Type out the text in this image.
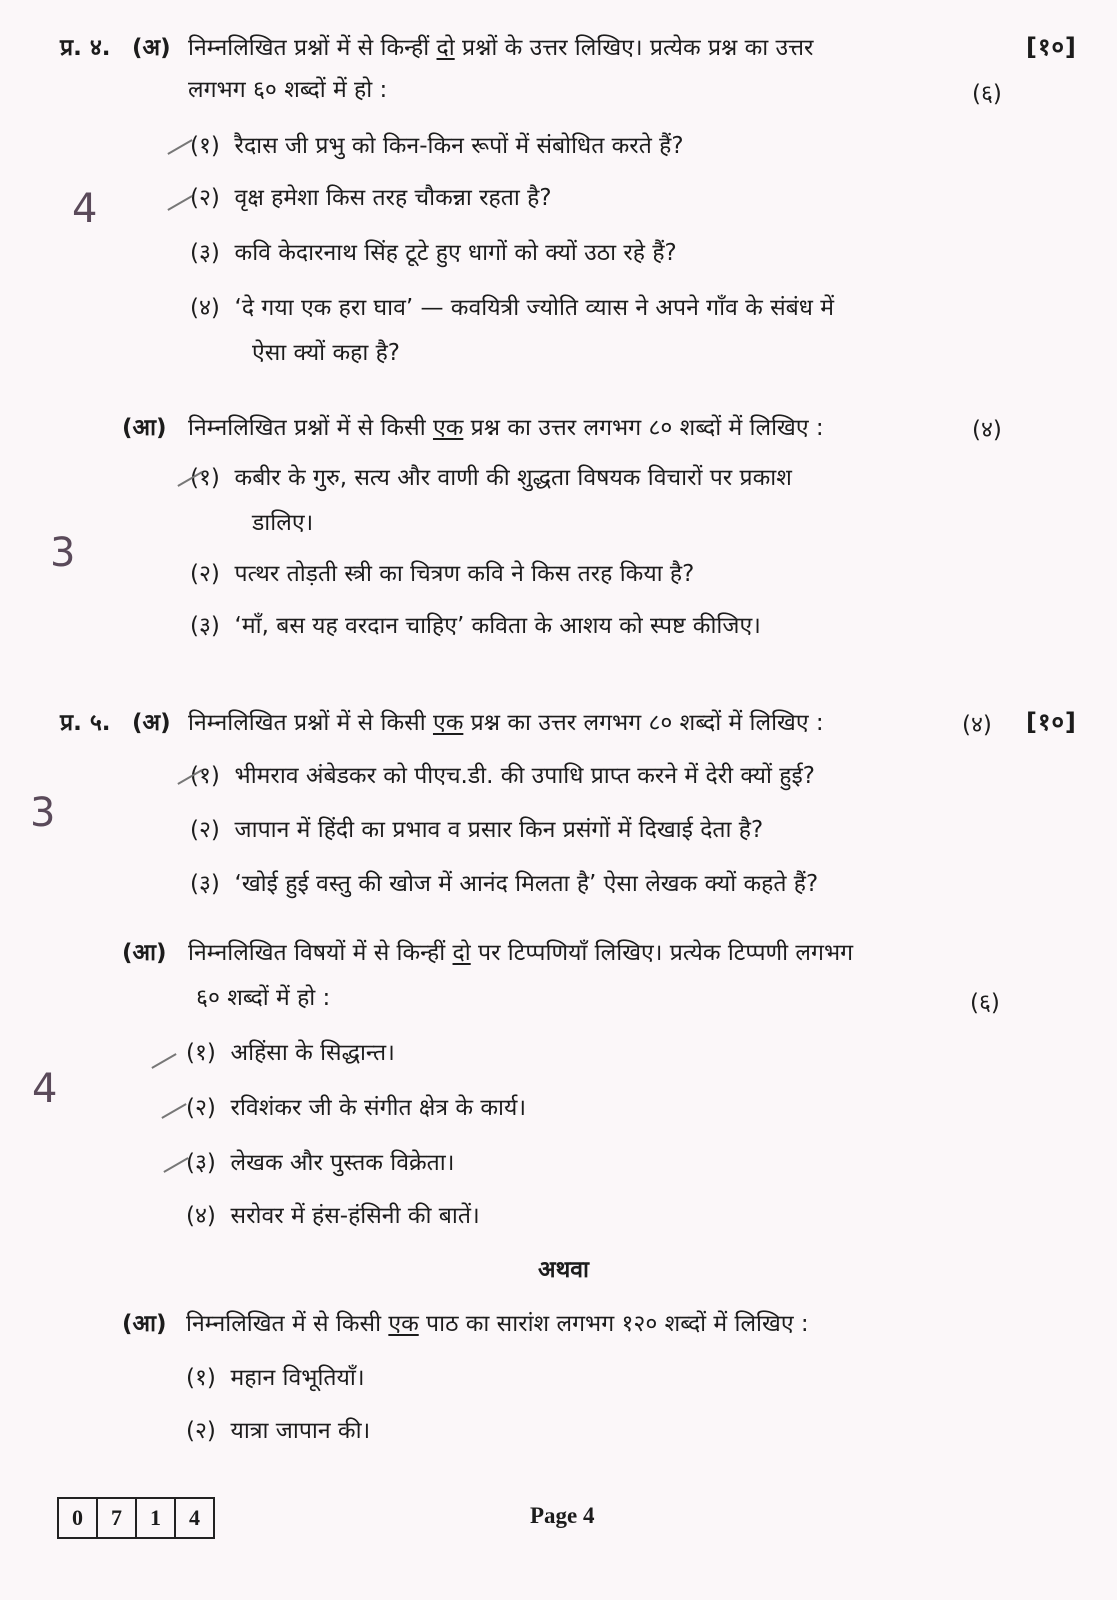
प्र. ४. (अ) निम्नलिखित प्रश्नों में से किन्हीं दो प्रश्नों के उत्तर लिखिए। प्रत्येक प्रश्न का उत्तर	[१०]
लगभग ६० शब्दों में हो :	(६)
(१) रैदास जी प्रभु को किन-किन रूपों में संबोधित करते हैं?
(२) वृक्ष हमेशा किस तरह चौकन्ना रहता है?
(३) कवि केदारनाथ सिंह टूटे हुए धागों को क्यों उठा रहे हैं?
(४) ‘दे गया एक हरा घाव’ — कवयित्री ज्योति व्यास ने अपने गाँव के संबंध में
ऐसा क्यों कहा है?
4
(आ) निम्नलिखित प्रश्नों में से किसी एक प्रश्न का उत्तर लगभग ८० शब्दों में लिखिए :	(४)
(१) कबीर के गुरु, सत्य और वाणी की शुद्धता विषयक विचारों पर प्रकाश
डालिए।
(२) पत्थर तोड़ती स्त्री का चित्रण कवि ने किस तरह किया है?
(३) ‘माँ, बस यह वरदान चाहिए’ कविता के आशय को स्पष्ट कीजिए।
3
प्र. ५. (अ) निम्नलिखित प्रश्नों में से किसी एक प्रश्न का उत्तर लगभग ८० शब्दों में लिखिए :	(४) [१०]
(१) भीमराव अंबेडकर को पीएच.डी. की उपाधि प्राप्त करने में देरी क्यों हुई?
(२) जापान में हिंदी का प्रभाव व प्रसार किन प्रसंगों में दिखाई देता है?
(३) ‘खोई हुई वस्तु की खोज में आनंद मिलता है’ ऐसा लेखक क्यों कहते हैं?
3
(आ) निम्नलिखित विषयों में से किन्हीं दो पर टिप्पणियाँ लिखिए। प्रत्येक टिप्पणी लगभग
६० शब्दों में हो :	(६)
(१) अहिंसा के सिद्धान्त।
(२) रविशंकर जी के संगीत क्षेत्र के कार्य।
(३) लेखक और पुस्तक विक्रेता।
(४) सरोवर में हंस-हंसिनी की बातें।
4
अथवा
(आ) निम्नलिखित में से किसी एक पाठ का सारांश लगभग १२० शब्दों में लिखिए :
(१) महान विभूतियाँ।
(२) यात्रा जापान की।
0	7	1	4	Page 4
